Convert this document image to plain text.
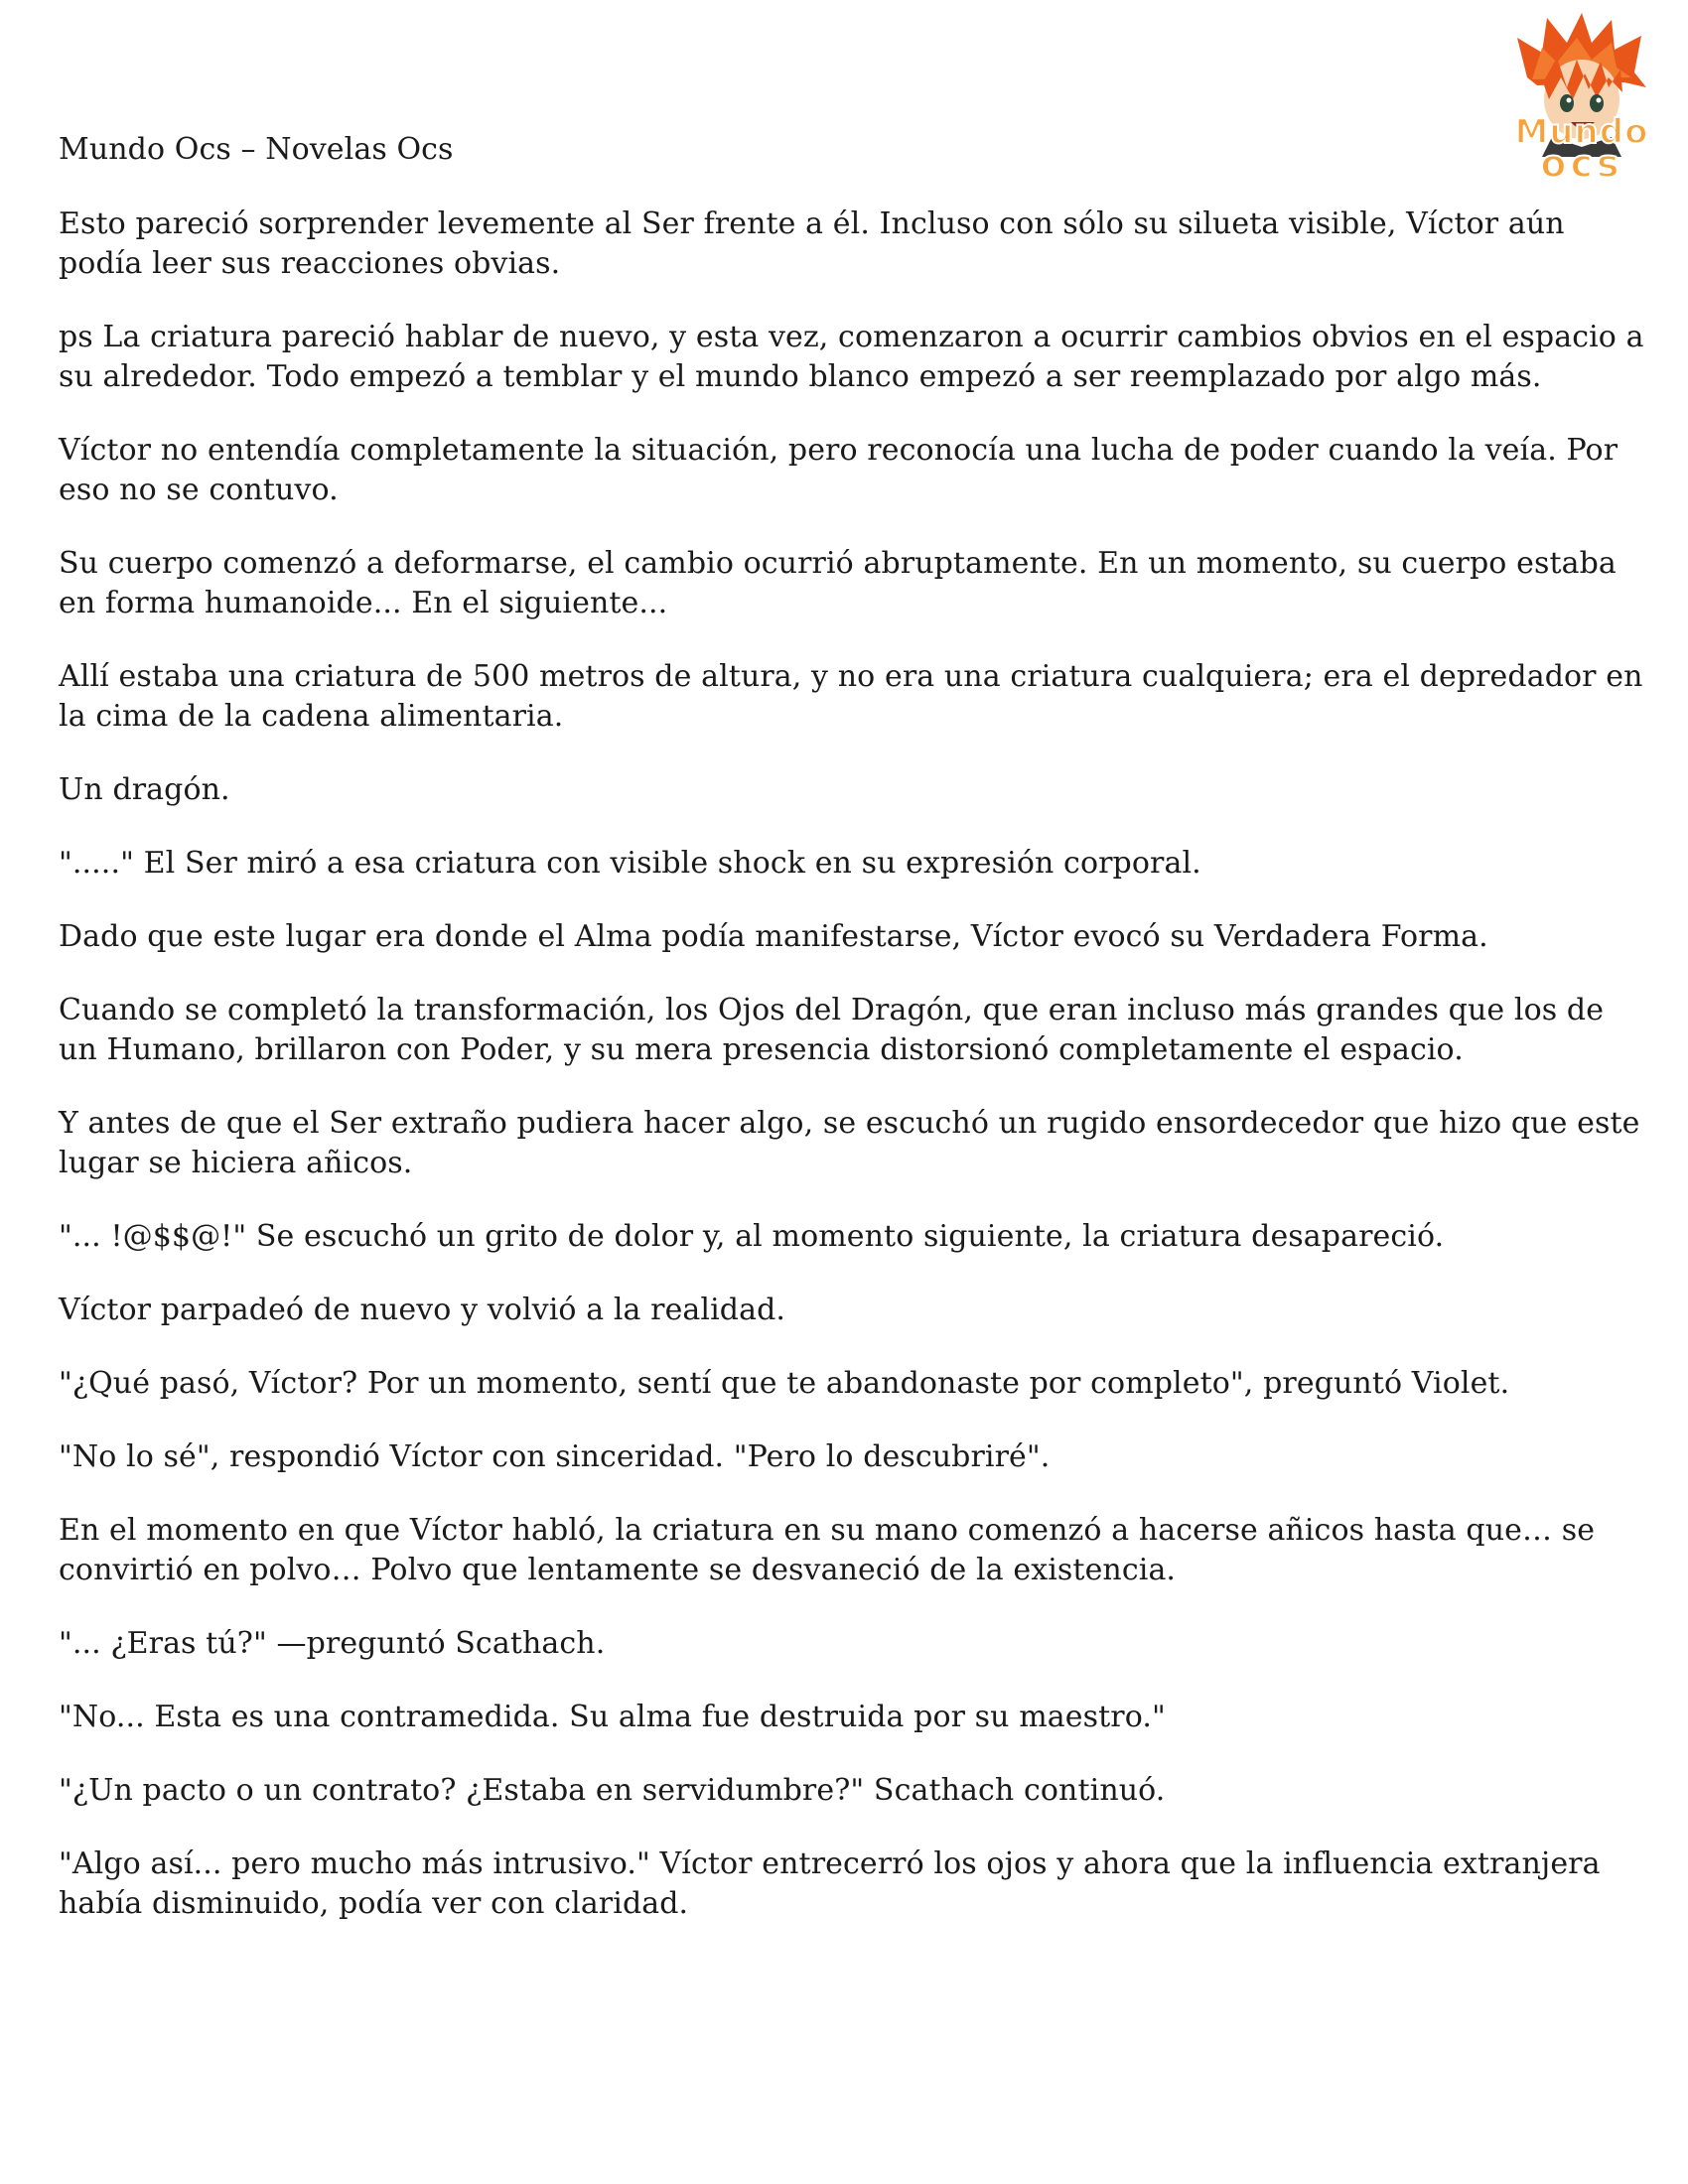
Mundo Ocs – Novelas Ocs	Mundo
ocs

Esto pareció sorprender levemente al Ser frente a él. Incluso con sólo su silueta visible, Víctor aún podía leer sus reacciones obvias.

ps La criatura pareció hablar de nuevo, y esta vez, comenzaron a ocurrir cambios obvios en el espacio a su alrededor. Todo empezó a temblar y el mundo blanco empezó a ser reemplazado por algo más.

Víctor no entendía completamente la situación, pero reconocía una lucha de poder cuando la veía. Por eso no se contuvo.

Su cuerpo comenzó a deformarse, el cambio ocurrió abruptamente. En un momento, su cuerpo estaba en forma humanoide... En el siguiente...

Allí estaba una criatura de 500 metros de altura, y no era una criatura cualquiera; era el depredador en la cima de la cadena alimentaria.

Un dragón.

"....." El Ser miró a esa criatura con visible shock en su expresión corporal.

Dado que este lugar era donde el Alma podía manifestarse, Víctor evocó su Verdadera Forma.

Cuando se completó la transformación, los Ojos del Dragón, que eran incluso más grandes que los de un Humano, brillaron con Poder, y su mera presencia distorsionó completamente el espacio.

Y antes de que el Ser extraño pudiera hacer algo, se escuchó un rugido ensordecedor que hizo que este lugar se hiciera añicos.

"... !@$$@!" Se escuchó un grito de dolor y, al momento siguiente, la criatura desapareció.

Víctor parpadeó de nuevo y volvió a la realidad.

"¿Qué pasó, Víctor? Por un momento, sentí que te abandonaste por completo", preguntó Violet.

"No lo sé", respondió Víctor con sinceridad. "Pero lo descubriré".

En el momento en que Víctor habló, la criatura en su mano comenzó a hacerse añicos hasta que… se convirtió en polvo… Polvo que lentamente se desvaneció de la existencia.

"... ¿Eras tú?" —preguntó Scathach.

"No... Esta es una contramedida. Su alma fue destruida por su maestro."

"¿Un pacto o un contrato? ¿Estaba en servidumbre?" Scathach continuó.

"Algo así... pero mucho más intrusivo." Víctor entrecerró los ojos y ahora que la influencia extranjera había disminuido, podía ver con claridad.
